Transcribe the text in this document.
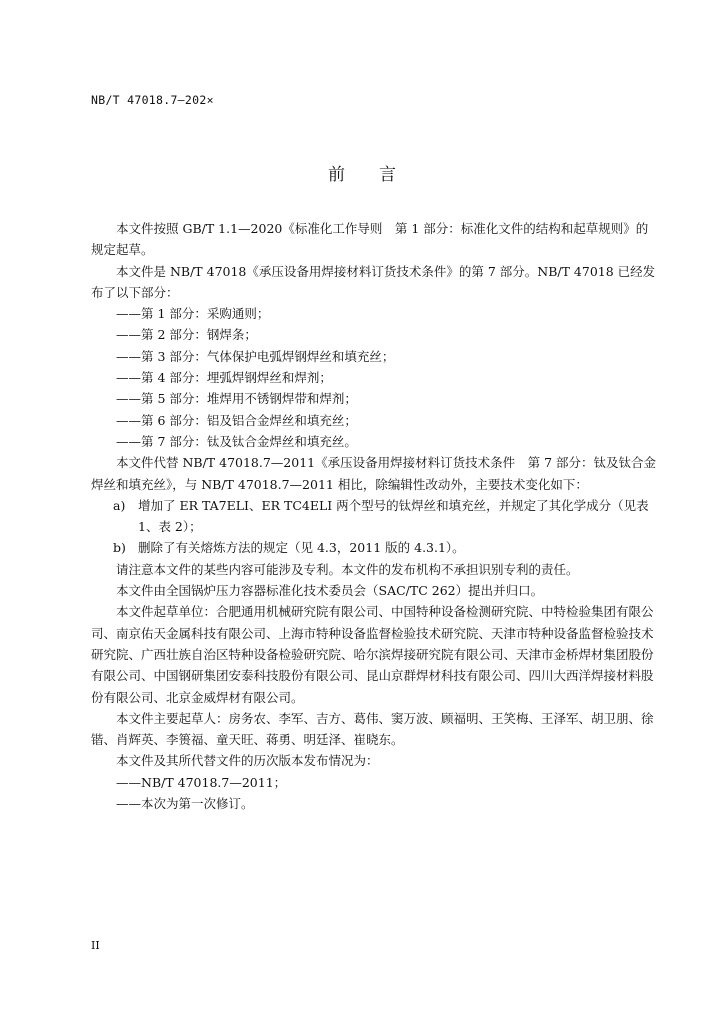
NB/T 47018.7—202×
前言

本文件按照 GB/T 1.1—2020《标准化工作导则　第 1 部分：标准化文件的结构和起草规则》的规定起草。

本文件是 NB/T 47018《承压设备用焊接材料订货技术条件》的第 7 部分。NB/T 47018 已经发布了以下部分：

——第 1 部分：采购通则；

——第 2 部分：钢焊条；

——第 3 部分：气体保护电弧焊钢焊丝和填充丝；

——第 4 部分：埋弧焊钢焊丝和焊剂；

——第 5 部分：堆焊用不锈钢焊带和焊剂；

——第 6 部分：铝及铝合金焊丝和填充丝；

——第 7 部分：钛及钛合金焊丝和填充丝。

本文件代替 NB/T 47018.7—2011《承压设备用焊接材料订货技术条件　第 7 部分：钛及钛合金焊丝和填充丝》，与 NB/T 47018.7—2011 相比，除编辑性改动外，主要技术变化如下：

a) 增加了 ER TA7ELI、ER TC4ELI 两个型号的钛焊丝和填充丝，并规定了其化学成分（见表 1、表 2）；
b) 删除了有关熔炼方法的规定（见 4.3，2011 版的 4.3.1）。

请注意本文件的某些内容可能涉及专利。本文件的发布机构不承担识别专利的责任。

本文件由全国锅炉压力容器标准化技术委员会（SAC/TC 262）提出并归口。

本文件起草单位：合肥通用机械研究院有限公司、中国特种设备检测研究院、中特检验集团有限公司、南京佑天金属科技有限公司、上海市特种设备监督检验技术研究院、天津市特种设备监督检验技术研究院、广西壮族自治区特种设备检验研究院、哈尔滨焊接研究院有限公司、天津市金桥焊材集团股份有限公司、中国钢研集团安泰科技股份有限公司、昆山京群焊材科技有限公司、四川大西洋焊接材料股份有限公司、北京金威焊材有限公司。

本文件主要起草人：房务农、李军、吉方、葛伟、窦万波、顾福明、王笑梅、王泽军、胡卫朋、徐锴、肖辉英、李篑福、童天旺、蒋勇、明廷泽、崔晓东。

本文件及其所代替文件的历次版本发布情况为：

——NB/T 47018.7—2011；

——本次为第一次修订。

II
